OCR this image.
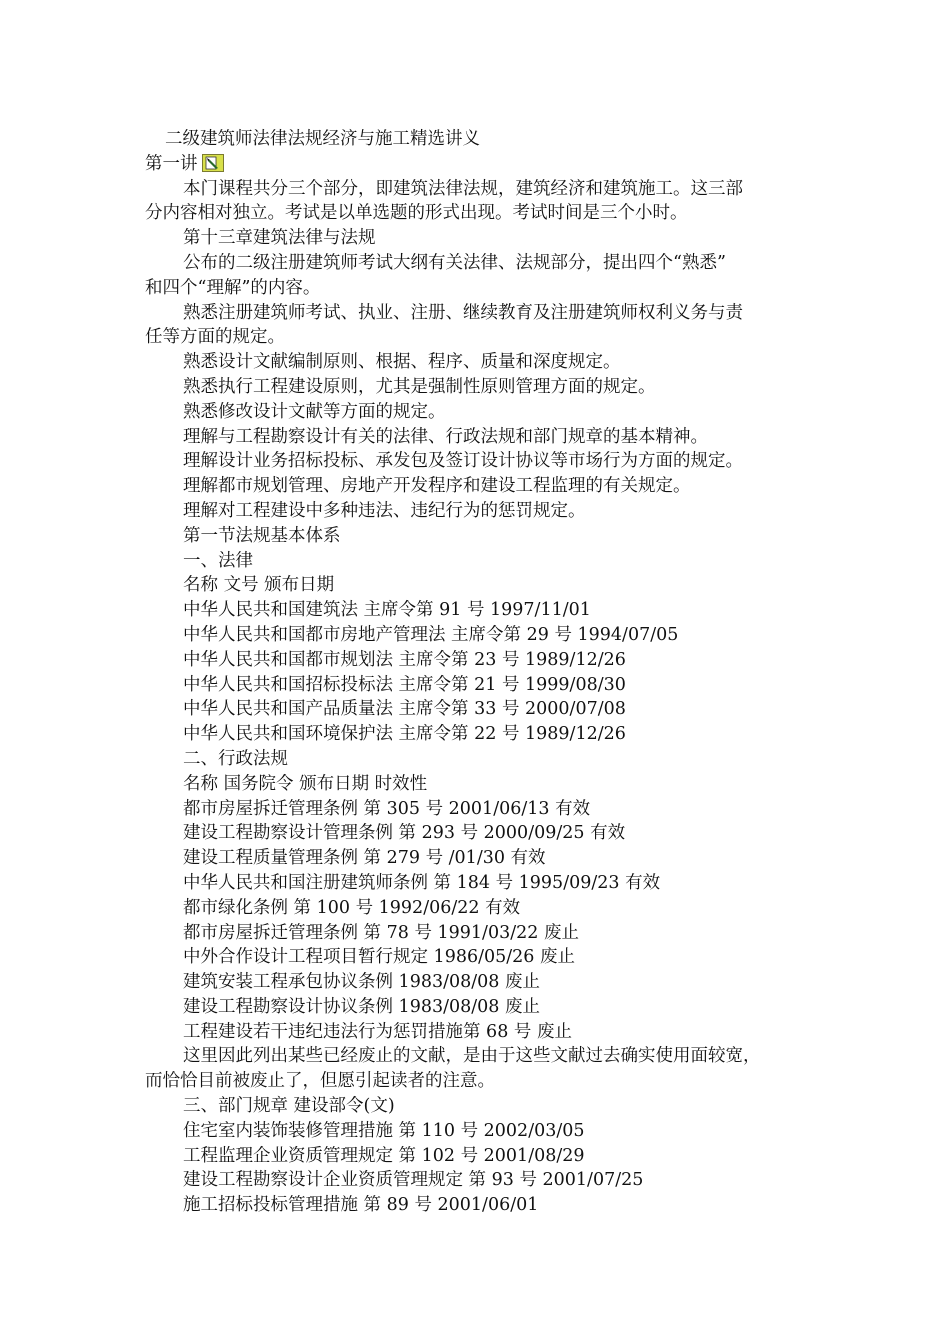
二级建筑师法律法规经济与施工精选讲义
第一讲
本门课程共分三个部分，即建筑法律法规，建筑经济和建筑施工。这三部
分内容相对独立。考试是以单选题的形式出现。考试时间是三个小时。
第十三章建筑法律与法规
公布的二级注册建筑师考试大纲有关法律、法规部分，提出四个“熟悉”
和四个“理解”的内容。
熟悉注册建筑师考试、执业、注册、继续教育及注册建筑师权利义务与责
任等方面的规定。
熟悉设计文献编制原则、根据、程序、质量和深度规定。
熟悉执行工程建设原则，尤其是强制性原则管理方面的规定。
熟悉修改设计文献等方面的规定。
理解与工程勘察设计有关的法律、行政法规和部门规章的基本精神。
理解设计业务招标投标、承发包及签订设计协议等市场行为方面的规定。
理解都市规划管理、房地产开发程序和建设工程监理的有关规定。
理解对工程建设中多种违法、违纪行为的惩罚规定。
第一节法规基本体系
一、法律
名称 文号 颁布日期
中华人民共和国建筑法 主席令第 91 号 1997/11/01
中华人民共和国都市房地产管理法 主席令第 29 号 1994/07/05
中华人民共和国都市规划法 主席令第 23 号 1989/12/26
中华人民共和国招标投标法 主席令第 21 号 1999/08/30
中华人民共和国产品质量法 主席令第 33 号 2000/07/08
中华人民共和国环境保护法 主席令第 22 号 1989/12/26
二、行政法规
名称 国务院令 颁布日期 时效性
都市房屋拆迁管理条例 第 305 号 2001/06/13 有效
建设工程勘察设计管理条例 第 293 号 2000/09/25 有效
建设工程质量管理条例 第 279 号 /01/30 有效
中华人民共和国注册建筑师条例 第 184 号 1995/09/23 有效
都市绿化条例 第 100 号 1992/06/22 有效
都市房屋拆迁管理条例 第 78 号 1991/03/22 废止
中外合作设计工程项目暂行规定 1986/05/26 废止
建筑安装工程承包协议条例 1983/08/08 废止
建设工程勘察设计协议条例 1983/08/08 废止
工程建设若干违纪违法行为惩罚措施第 68 号 废止
这里因此列出某些已经废止的文献，是由于这些文献过去确实使用面较宽，
而恰恰目前被废止了，但愿引起读者的注意。
三、部门规章 建设部令(文)
住宅室内装饰装修管理措施 第 110 号 2002/03/05
工程监理企业资质管理规定 第 102 号 2001/08/29
建设工程勘察设计企业资质管理规定 第 93 号 2001/07/25
施工招标投标管理措施 第 89 号 2001/06/01
